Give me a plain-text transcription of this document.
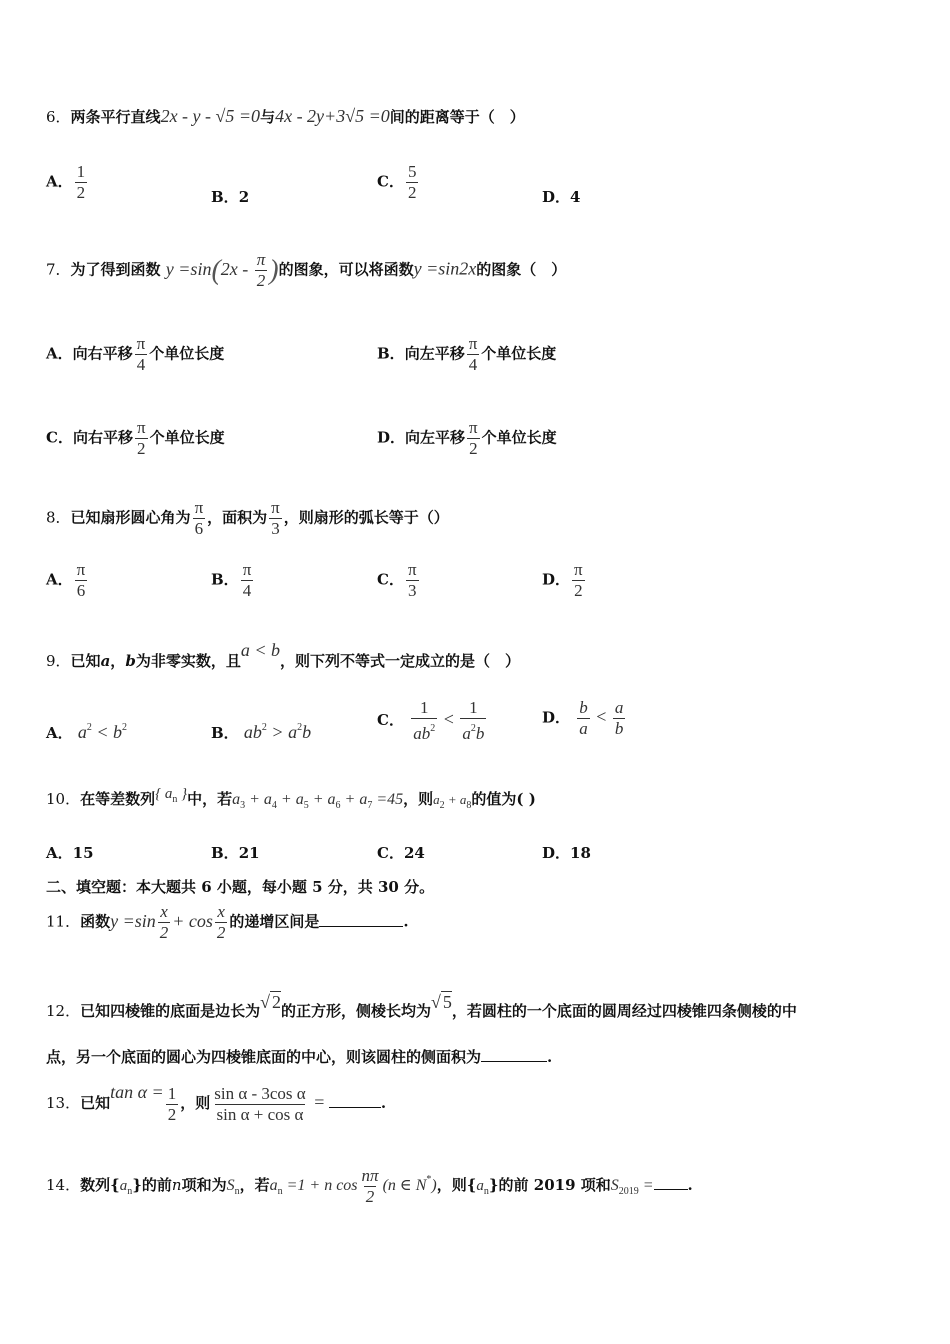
6．两条平行直线2x - y - √5 =0与4x - 2y+3√5 =0间的距离等于（　）
A． $\frac{1}{2}$	B．2
C． $\frac{5}{2}$	D．4
7．为了得到函数 $y =\sin(2x - \frac{\pi}{2}$ )的图象，可以将函数y =sin2x的图象（　）
A．向右平移 $\frac{\pi}{4}$ 个单位长度	B．向左平移 $\frac{\pi}{4}$ 个单位长度
C．向右平移 $\frac{\pi}{2}$ 个单位长度	D．向左平移 $\frac{\pi}{2}$ 个单位长度
8．已知扇形圆心角为 $\frac{\pi}{6}$ ，面积为 $\frac{\pi}{3}$ ，则扇形的弧长等于（）
A． $\frac{\pi}{6}$	B． $\frac{\pi}{4}$	C． $\frac{\pi}{3}$	D． $\frac{\pi}{2}$
9．已知a，b为非零实数，且a < b，则下列不等式一定成立的是（　）
A． $a^2 < b^2$	B． $ab^2 > a^2b$
C． $\frac{1}{ab^2} < \frac{1}{a^2b}$	D． $\frac{b}{a} < \frac{a}{b}$
10．在等差数列{ $a_n$ }中，若$a_3 + a_4 + a_5 + a_6 + a_7 =45$，则$a_2 + a_8$的值为( )
A．15	B．21	C．24	D．18
二、填空题：本大题共 6 小题，每小题 5 分，共 30 分。
11．函数$y =\sin \frac{x}{2} + \cos \frac{x}{2}$ 的递增区间是	.
12．已知四棱锥的底面是边长为√ 2的正方形，侧棱长均为√ 5，若圆柱的一个底面的圆周经过四棱锥四条侧棱的中
点，另一个底面的圆心为四棱锥底面的中心，则该圆柱的侧面积为	.
13．已知$\tan \alpha = \frac{1}{2}$ ，则 $\frac{\text{sin α - 3cos α}}{\text{sin α + cos α}}$ =	.
14．数列$\{a_n\}$的前n项和为$S_n$，若$a_n =1 + n$ $\cos \frac{n\pi}{2} (n$ ∈ N*)，则$\{a_n\}$的前 2019 项和$S_{2019}$ = .
